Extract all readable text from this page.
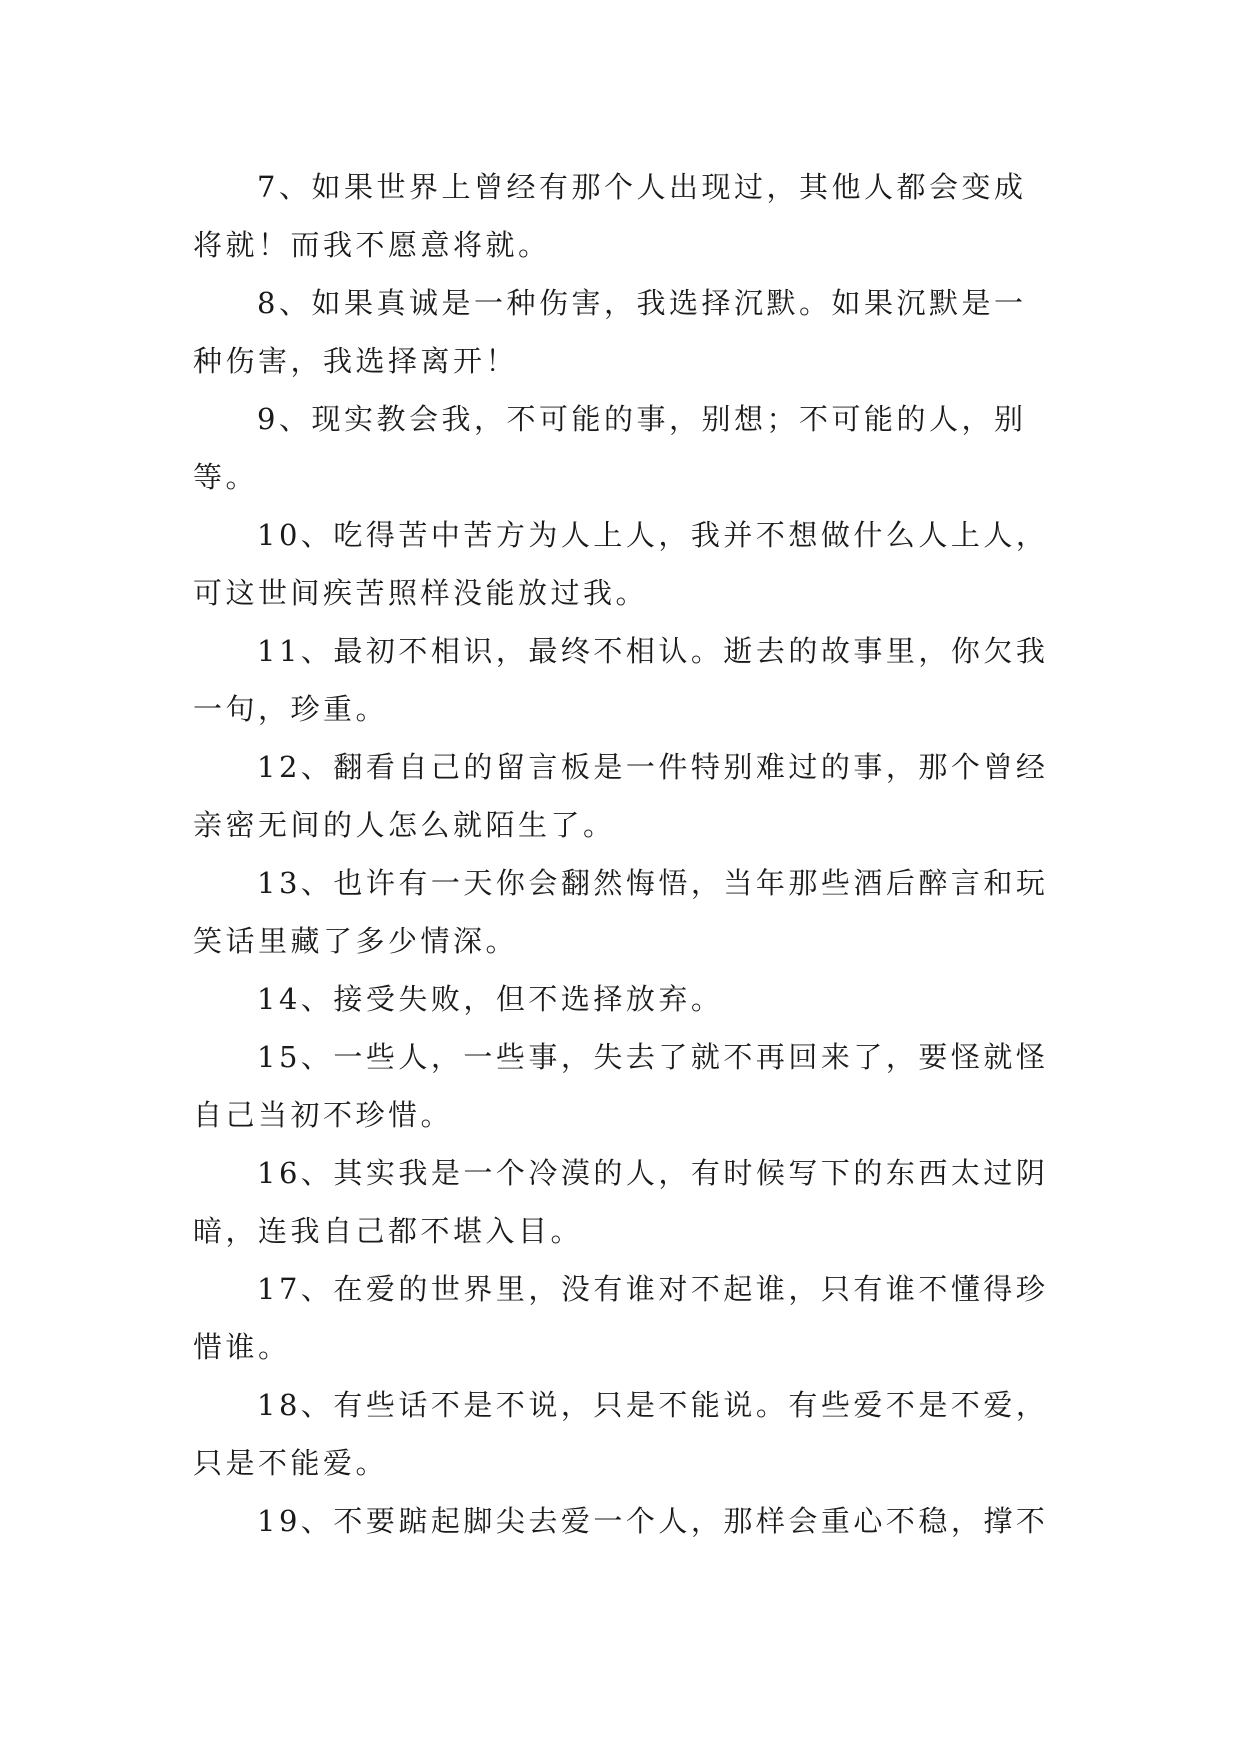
7、如果世界上曾经有那个人出现过，其他人都会变成将就！而我不愿意将就。

8、如果真诚是一种伤害，我选择沉默。如果沉默是一种伤害，我选择离开！

9、现实教会我，不可能的事，别想；不可能的人，别等。

10、吃得苦中苦方为人上人，我并不想做什么人上人，可这世间疾苦照样没能放过我。

11、最初不相识，最终不相认。逝去的故事里，你欠我一句，珍重。

12、翻看自己的留言板是一件特别难过的事，那个曾经亲密无间的人怎么就陌生了。

13、也许有一天你会翻然悔悟，当年那些酒后醉言和玩笑话里藏了多少情深。

14、接受失败，但不选择放弃。

15、一些人，一些事，失去了就不再回来了，要怪就怪自己当初不珍惜。

16、其实我是一个冷漠的人，有时候写下的东西太过阴暗，连我自己都不堪入目。

17、在爱的世界里，没有谁对不起谁，只有谁不懂得珍惜谁。

18、有些话不是不说，只是不能说。有些爱不是不爱，只是不能爱。

19、不要踮起脚尖去爱一个人，那样会重心不稳，撑不
